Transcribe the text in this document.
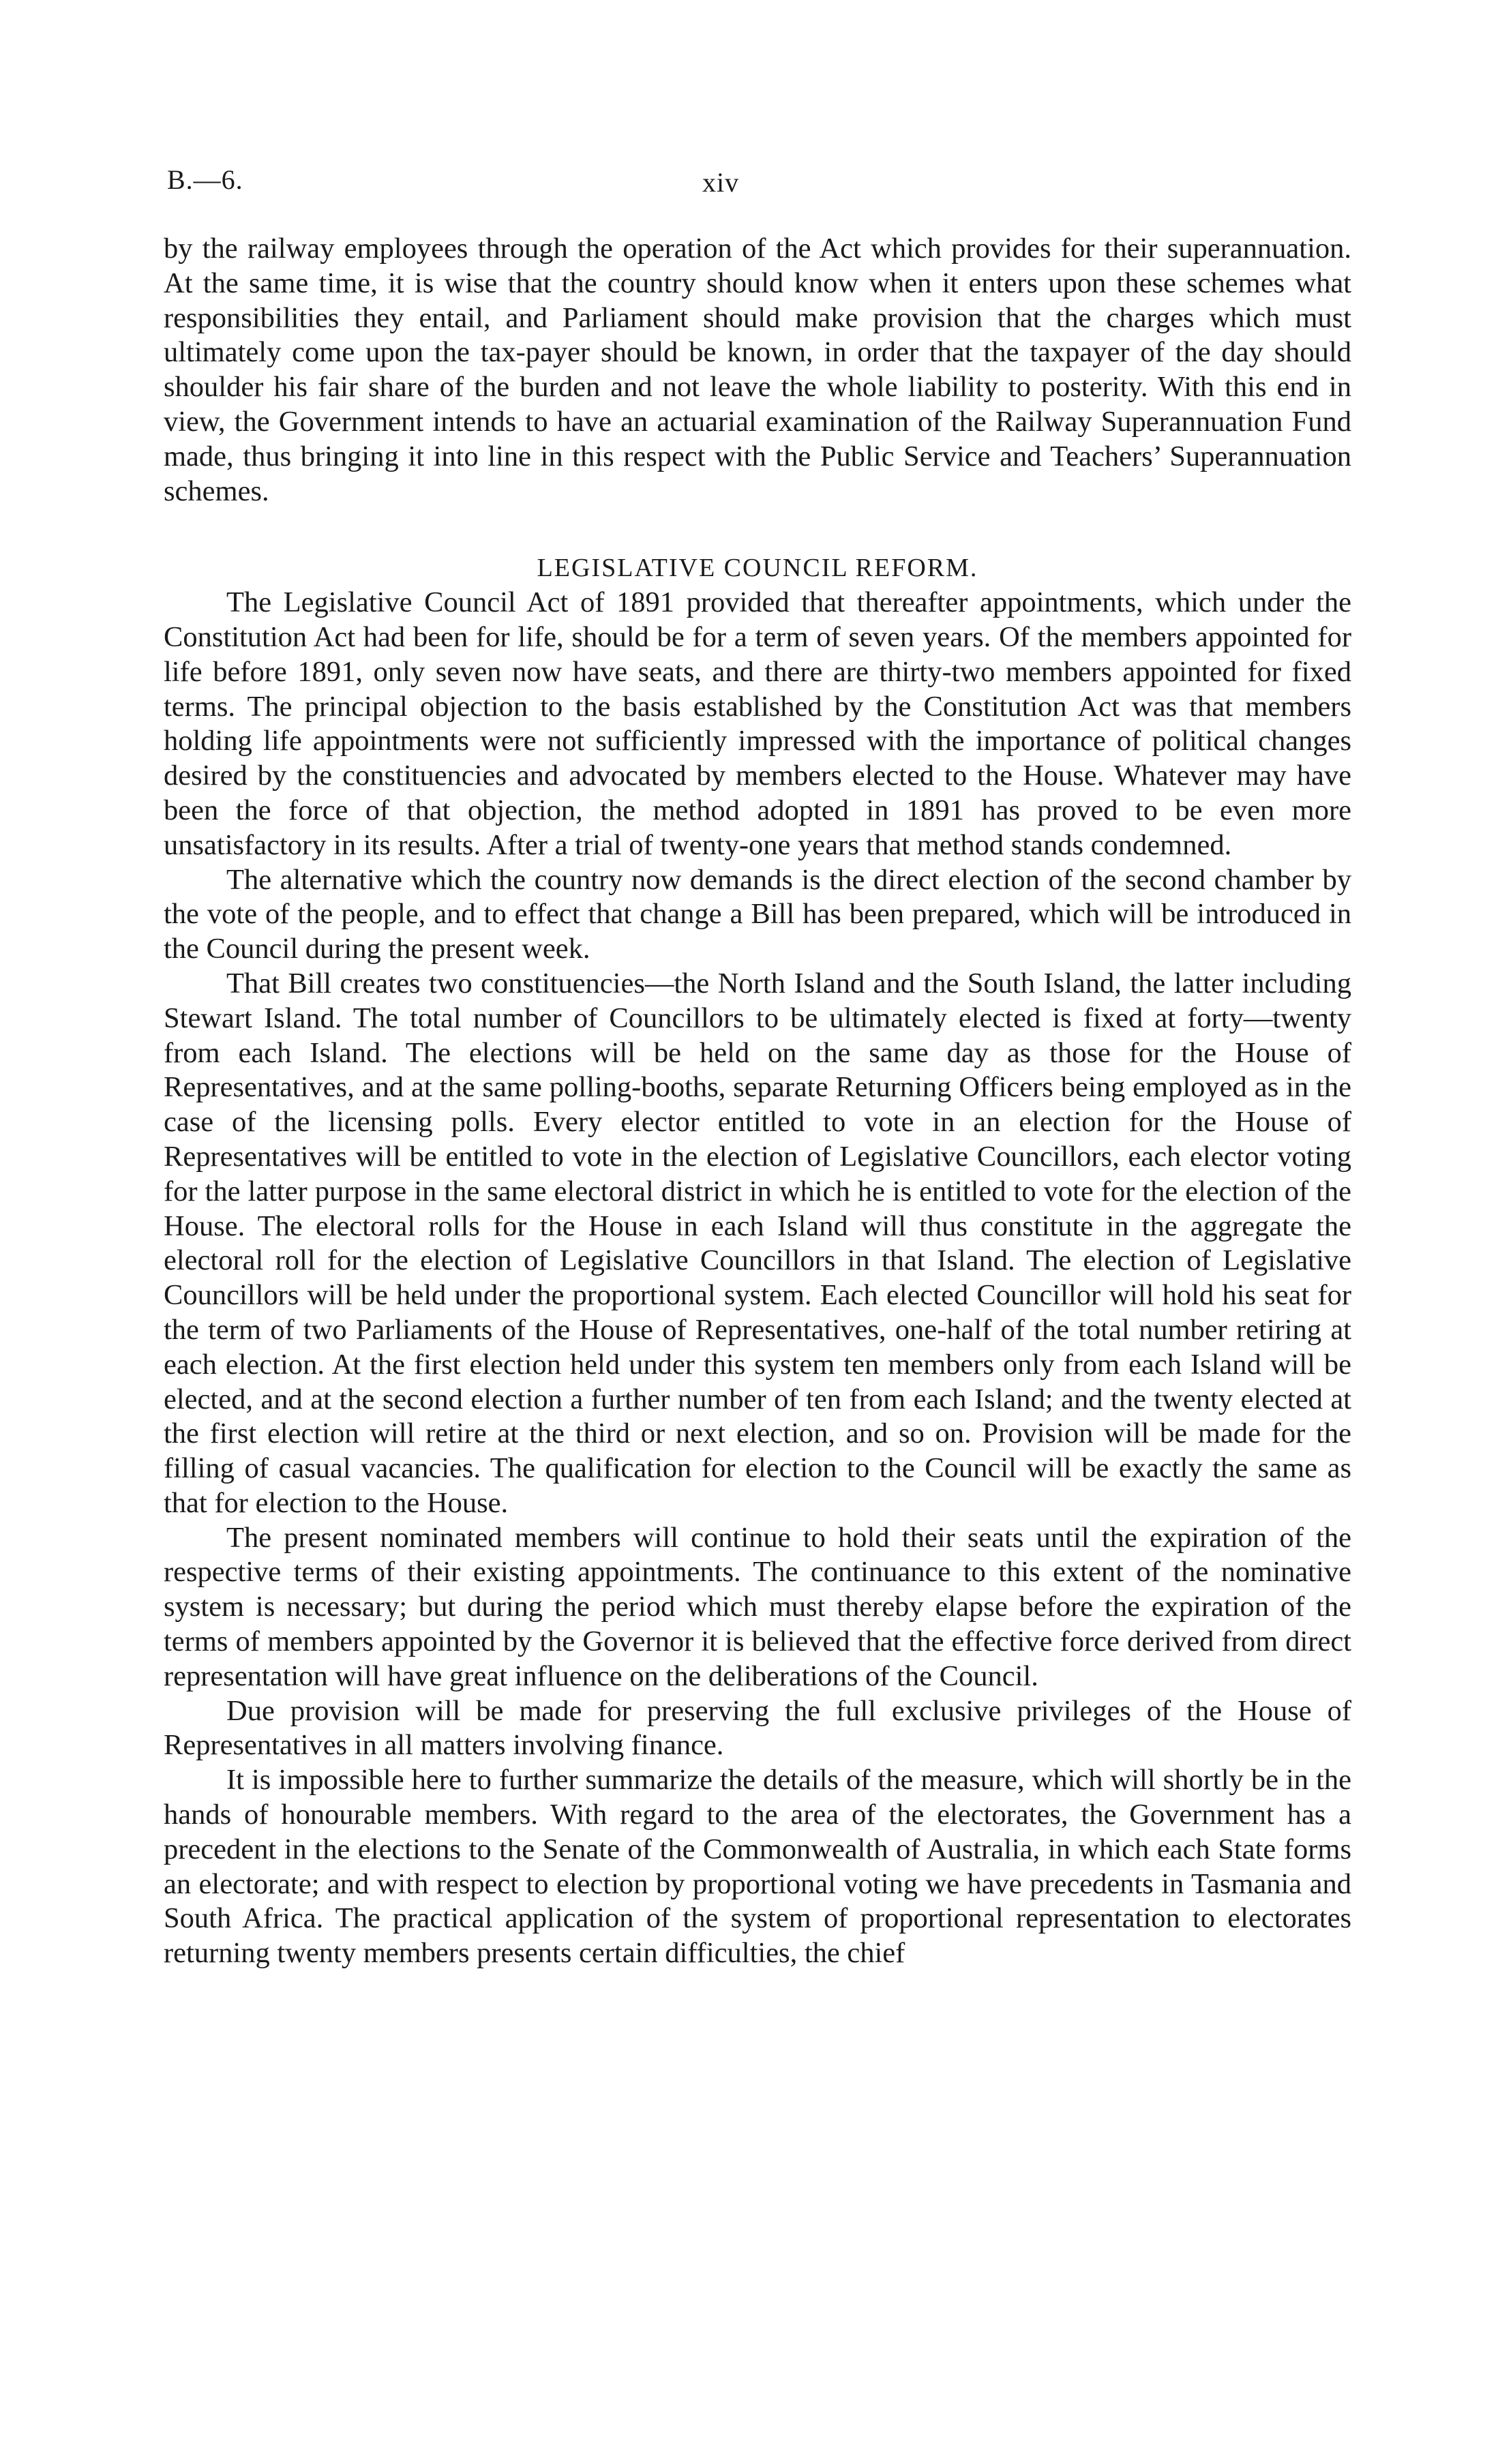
B.—6.	xiv

by the railway employees through the operation of the Act which provides for their superannuation. At the same time, it is wise that the country should know when it enters upon these schemes what responsibilities they entail, and Parliament should make provision that the charges which must ultimately come upon the tax-payer should be known, in order that the taxpayer of the day should shoulder his fair share of the burden and not leave the whole liability to posterity. With this end in view, the Government intends to have an actuarial examination of the Railway Superannuation Fund made, thus bringing it into line in this respect with the Public Service and Teachers’ Superannuation schemes.

LEGISLATIVE COUNCIL REFORM.

The Legislative Council Act of 1891 provided that thereafter appointments, which under the Constitution Act had been for life, should be for a term of seven years. Of the members appointed for life before 1891, only seven now have seats, and there are thirty-two members appointed for fixed terms. The principal objection to the basis established by the Constitution Act was that members holding life appointments were not sufficiently impressed with the importance of political changes desired by the constituencies and advocated by members elected to the House. Whatever may have been the force of that objection, the method adopted in 1891 has proved to be even more unsatisfactory in its results. After a trial of twenty-one years that method stands condemned.

The alternative which the country now demands is the direct election of the second chamber by the vote of the people, and to effect that change a Bill has been prepared, which will be introduced in the Council during the present week.

That Bill creates two constituencies—the North Island and the South Island, the latter including Stewart Island. The total number of Councillors to be ultimately elected is fixed at forty—twenty from each Island. The elections will be held on the same day as those for the House of Representatives, and at the same polling-booths, separate Returning Officers being employed as in the case of the licensing polls. Every elector entitled to vote in an election for the House of Representatives will be entitled to vote in the election of Legislative Councillors, each elector voting for the latter purpose in the same electoral district in which he is entitled to vote for the election of the House. The electoral rolls for the House in each Island will thus constitute in the aggregate the electoral roll for the election of Legislative Councillors in that Island. The election of Legislative Councillors will be held under the proportional system. Each elected Councillor will hold his seat for the term of two Parliaments of the House of Representatives, one-half of the total number retiring at each election. At the first election held under this system ten members only from each Island will be elected, and at the second election a further number of ten from each Island; and the twenty elected at the first election will retire at the third or next election, and so on. Provision will be made for the filling of casual vacancies. The qualification for election to the Council will be exactly the same as that for election to the House.

The present nominated members will continue to hold their seats until the expiration of the respective terms of their existing appointments. The continuance to this extent of the nominative system is necessary; but during the period which must thereby elapse before the expiration of the terms of members appointed by the Governor it is believed that the effective force derived from direct representation will have great influence on the deliberations of the Council.

Due provision will be made for preserving the full exclusive privileges of the House of Representatives in all matters involving finance.

It is impossible here to further summarize the details of the measure, which will shortly be in the hands of honourable members. With regard to the area of the electorates, the Government has a precedent in the elections to the Senate of the Commonwealth of Australia, in which each State forms an electorate; and with respect to election by proportional voting we have precedents in Tasmania and South Africa. The practical application of the system of proportional representation to electorates returning twenty members presents certain difficulties, the chief
